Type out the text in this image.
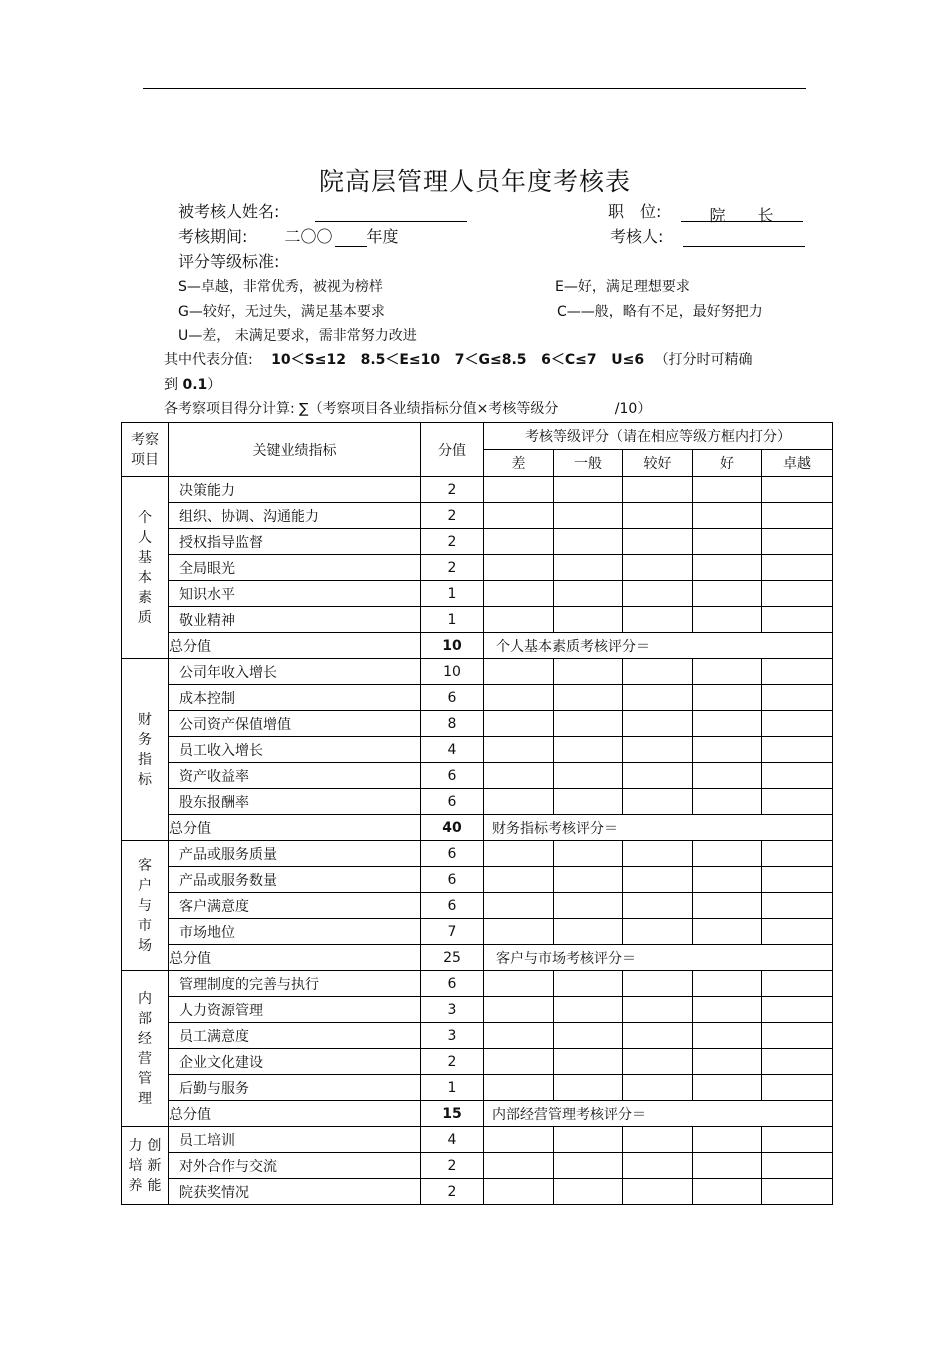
院高层管理人员年度考核表
被考核人姓名:	职　位:	院　　长
考核期间: 二〇〇 年度	考核人:
评分等级标准:
S—卓越，非常优秀，被视为榜样	E—好，满足理想要求
G—较好，无过失，满足基本要求	C——般，略有不足，最好努把力
U—差， 未满足要求，需非常努力改进
其中代表分值: 10＜S≤12   8.5＜E≤10   7＜G≤8.5   6＜C≤7   U≤6 （打分时可精确
到 0.1）
各考察项目得分计算: ∑（考察项目各业绩指标分值×考核等级分	/10）
考察项目	关键业绩指标	分值	考核等级评分（请在相应等级方框内打分）				
			差	一般	较好	好	卓越
个人基本素质	决策能力	2					
	组织、协调、沟通能力	2					
	授权指导监督	2					
	全局眼光	2					
	知识水平	1					
	敬业精神	1					
	总分值	10	个人基本素质考核评分＝				
财务指标	公司年收入增长	10					
	成本控制	6					
	公司资产保值增值	8					
	员工收入增长	4					
	资产收益率	6					
	股东报酬率	6					
	总分值	40	财务指标考核评分＝				
客户与市场	产品或服务质量	6					
	产品或服务数量	6					
	客户满意度	6					
	市场地位	7					
	总分值	25	客户与市场考核评分＝				
内部经营管理	管理制度的完善与执行	6					
	人力资源管理	3					
	员工满意度	3					
	企业文化建设	2					
	后勤与服务	1					
	总分值	15	内部经营管理考核评分＝				
力培养创新能	员工培训	4					
	对外合作与交流	2					
	院获奖情况	2					
